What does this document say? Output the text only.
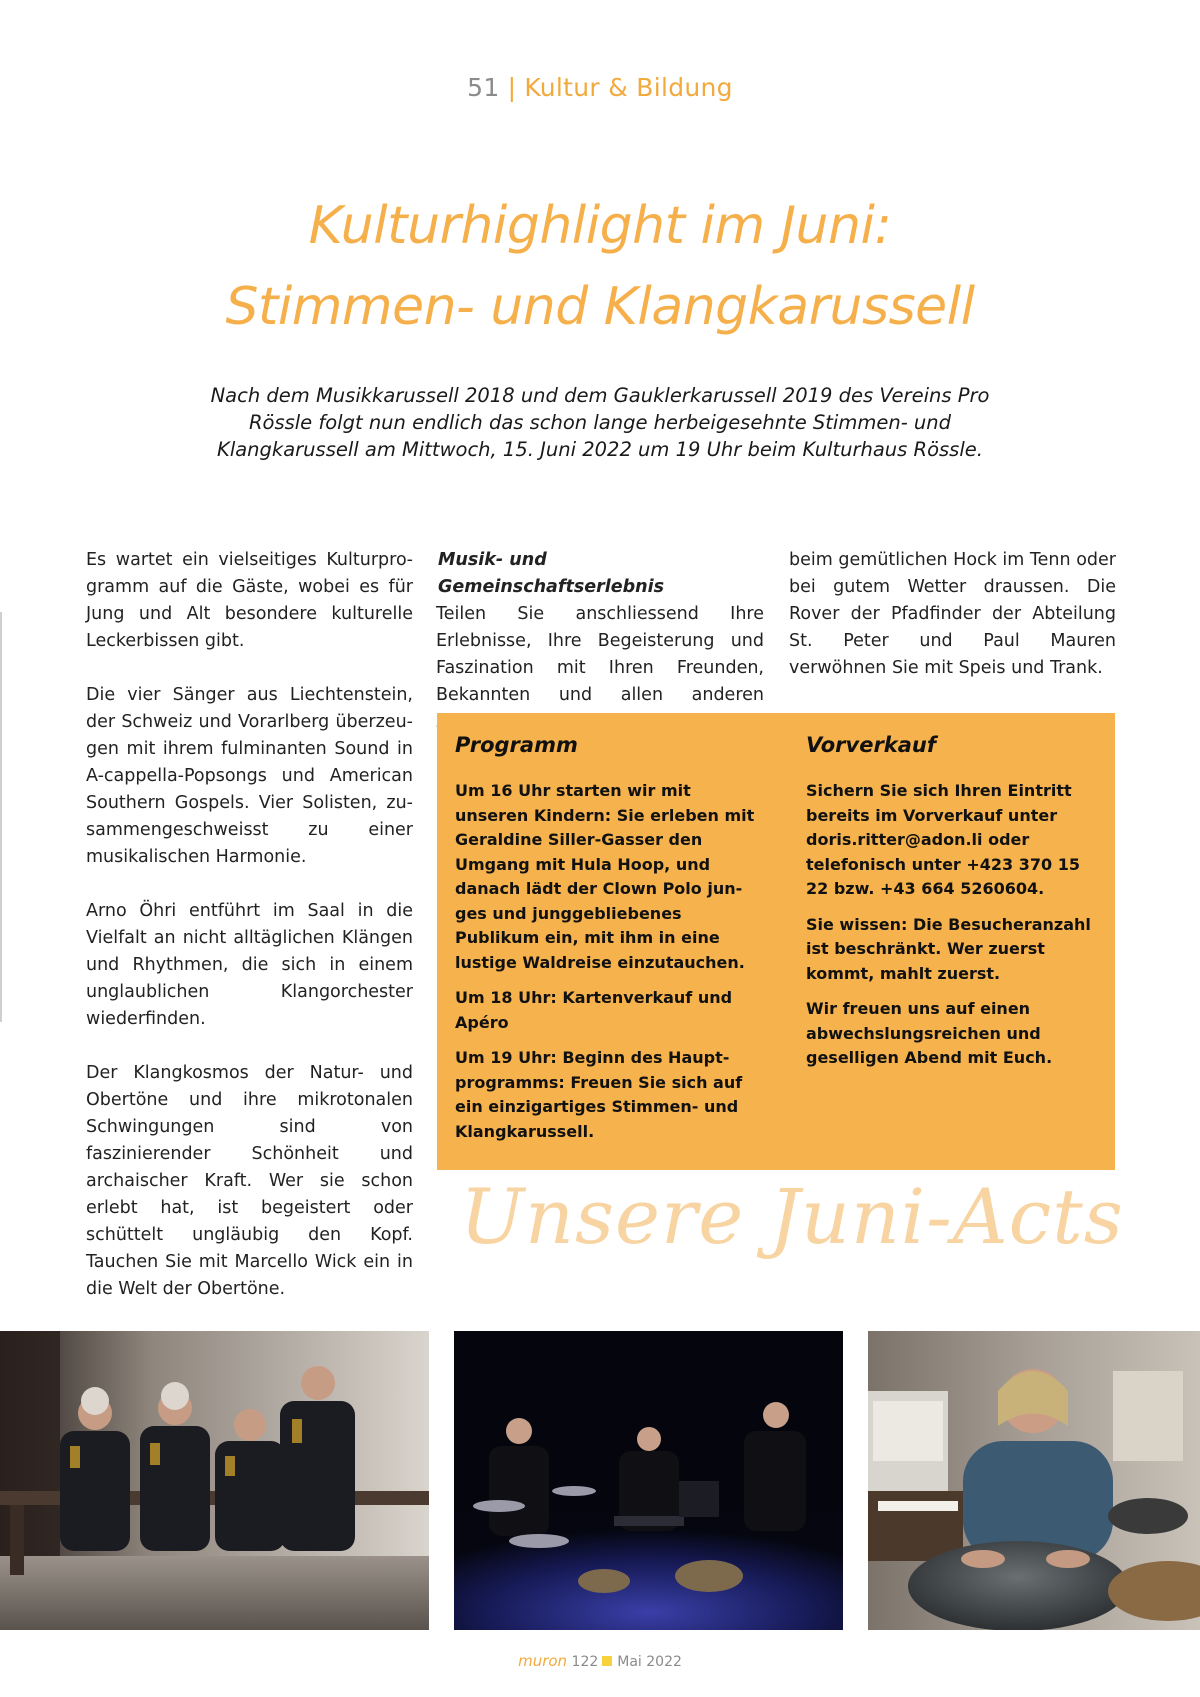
51 | Kultur & Bildung
Kulturhighlight im Juni:
Stimmen- und Klangkarussell
Nach dem Musikkarussell 2018 und dem Gauklerkarussell 2019 des Vereins Pro Rössle folgt nun endlich das schon lange herbeigesehnte Stimmen- und Klangkarussell am Mittwoch, 15. Juni 2022 um 19 Uhr beim Kulturhaus Rössle.

Es wartet ein vielseitiges Kulturprogramm auf die Gäste, wobei es für Jung und Alt besondere kulturelle Leckerbissen gibt.

Die vier Sänger aus Liechtenstein, der Schweiz und Vorarlberg überzeugen mit ihrem fulminanten Sound in A-cappella-Popsongs und American Southern Gospels. Vier Solisten, zusammengeschweisst zu einer musikalischen Harmonie.

Arno Öhri entführt im Saal in die Vielfalt an nicht alltäglichen Klängen und Rhythmen, die sich in einem unglaublichen Klangorchester wiederfinden.

Der Klangkosmos der Natur- und Obertöne und ihre mikrotonalen Schwingungen sind von faszinierender Schönheit und archaischer Kraft. Wer sie schon erlebt hat, ist begeistert oder schüttelt ungläubig den Kopf. Tauchen Sie mit Marcello Wick ein in die Welt der Obertöne.

Musik- und Gemeinschaftserlebnis

Teilen Sie anschliessend Ihre Erlebnisse, Ihre Begeisterung und Faszination mit Ihren Freunden, Bekannten und allen anderen

beim gemütlichen Hock im Tenn oder bei gutem Wetter draussen. Die Rover der Pfadfinder der Abteilung St. Peter und Paul Mauren verwöhnen Sie mit Speis und Trank.

Programm

Um 16 Uhr starten wir mit unseren Kindern: Sie erleben mit Geraldine Siller-Gasser den Umgang mit Hula Hoop, und danach lädt der Clown Polo junges und junggebliebenes Publikum ein, mit ihm in eine lustige Waldreise einzutauchen.

Um 18 Uhr: Kartenverkauf und Apéro

Um 19 Uhr: Beginn des Hauptprogramms: Freuen Sie sich auf ein einzigartiges Stimmen- und Klangkarussell.

Vorverkauf

Sichern Sie sich Ihren Eintritt bereits im Vorverkauf unter doris.ritter@adon.li oder telefonisch unter +423 370 15 22 bzw. +43 664 5260604.

Sie wissen: Die Besucheranzahl ist beschränkt. Wer zuerst kommt, mahlt zuerst.

Wir freuen uns auf einen abwechslungsreichen und geselligen Abend mit Euch.

Unsere Juni-Acts
muron 122 Mai 2022
